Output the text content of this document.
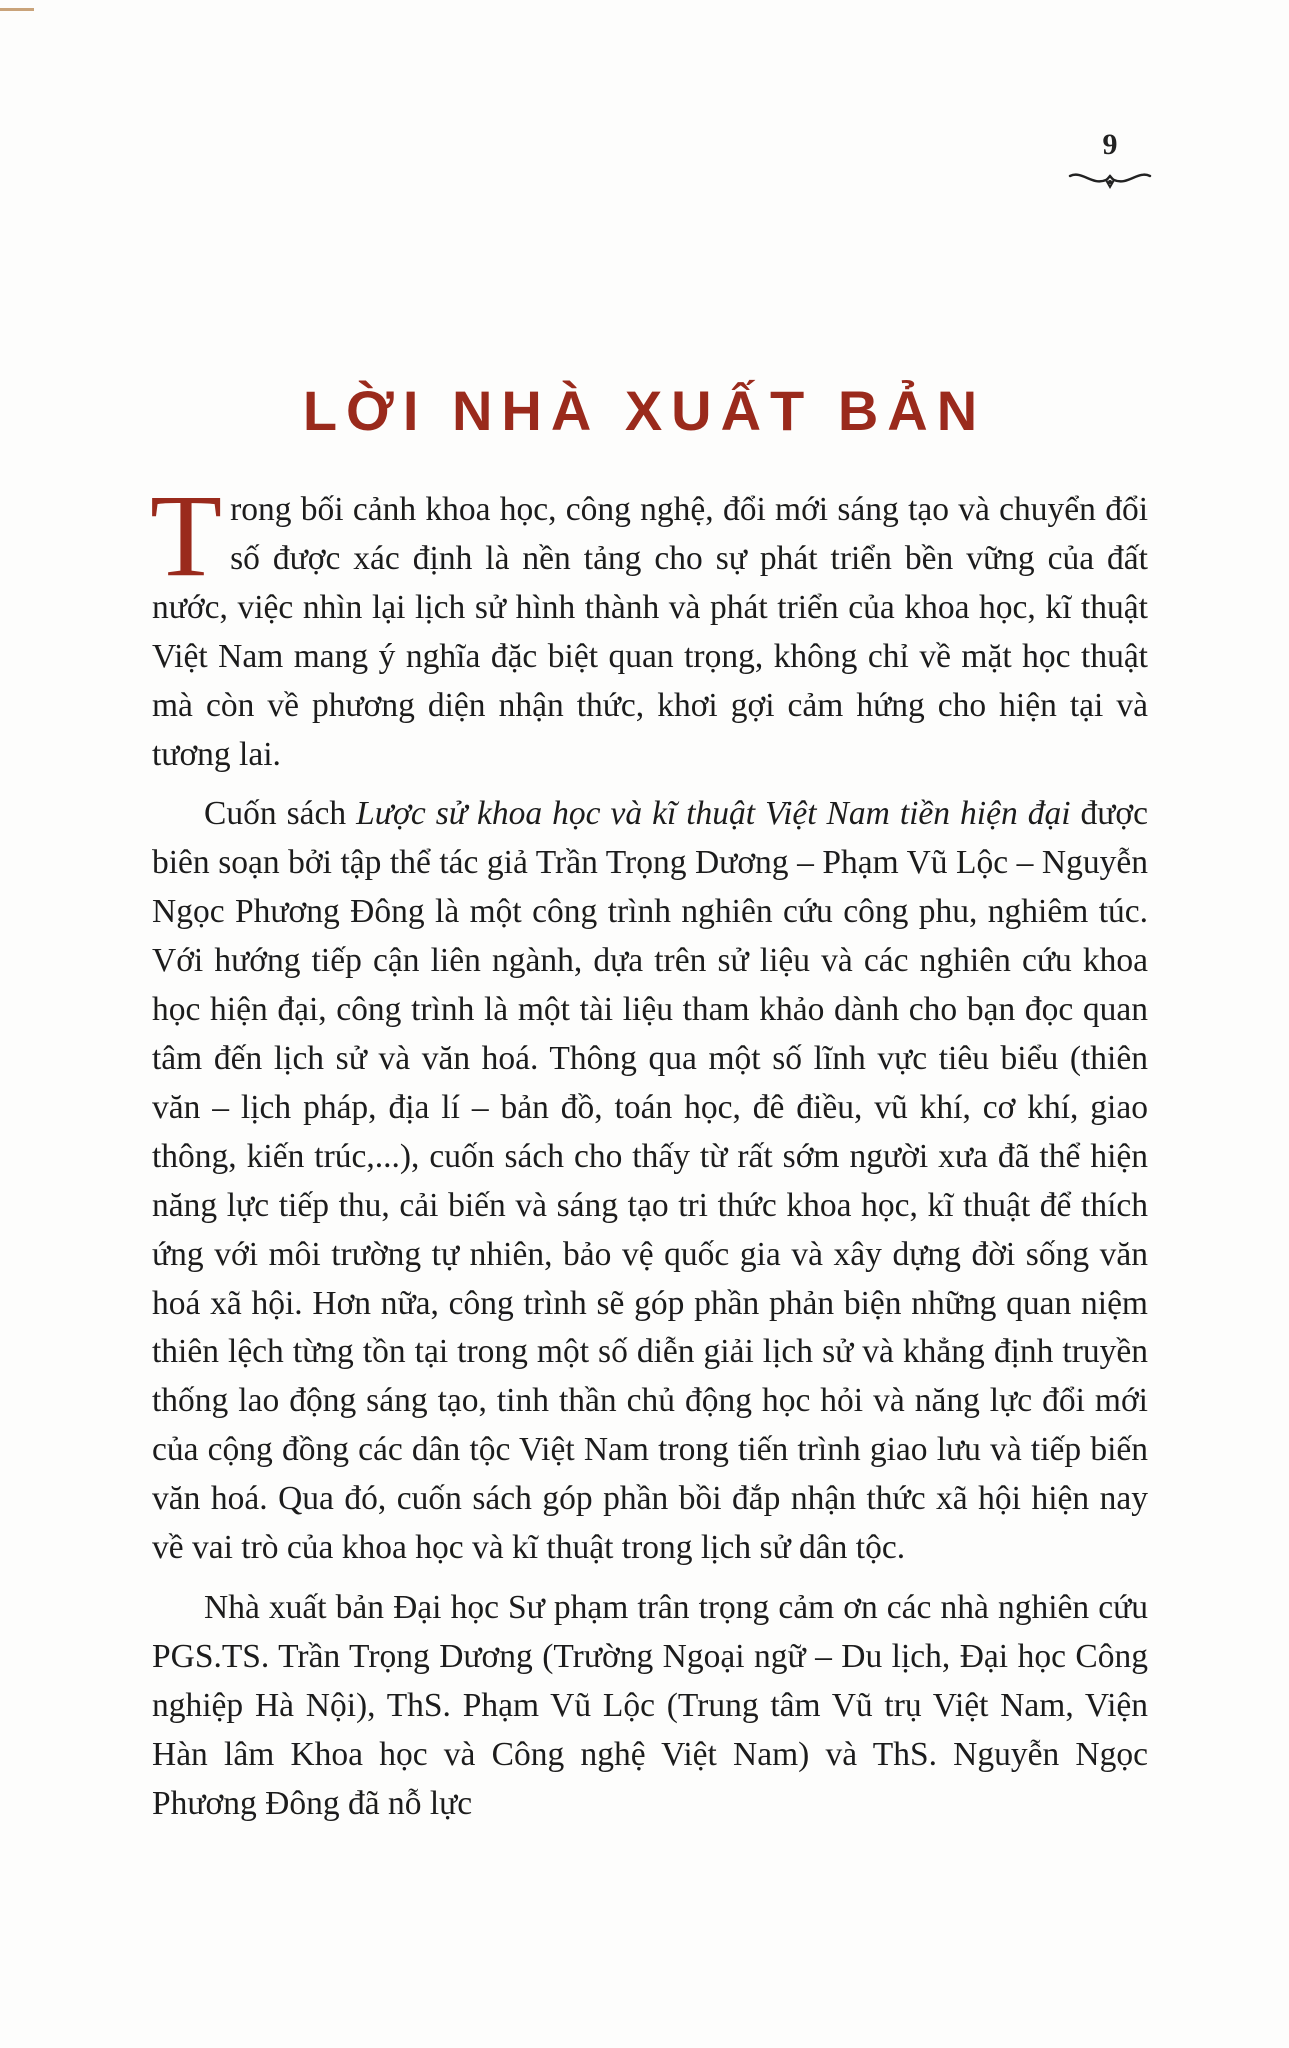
9
LỜI NHÀ XUẤT BẢN

Trong bối cảnh khoa học, công nghệ, đổi mới sáng tạo và chuyển đổi số được xác định là nền tảng cho sự phát triển bền vững của đất nước, việc nhìn lại lịch sử hình thành và phát triển của khoa học, kĩ thuật Việt Nam mang ý nghĩa đặc biệt quan trọng, không chỉ về mặt học thuật mà còn về phương diện nhận thức, khơi gợi cảm hứng cho hiện tại và tương lai.

Cuốn sách Lược sử khoa học và kĩ thuật Việt Nam tiền hiện đại được biên soạn bởi tập thể tác giả Trần Trọng Dương – Phạm Vũ Lộc – Nguyễn Ngọc Phương Đông là một công trình nghiên cứu công phu, nghiêm túc. Với hướng tiếp cận liên ngành, dựa trên sử liệu và các nghiên cứu khoa học hiện đại, công trình là một tài liệu tham khảo dành cho bạn đọc quan tâm đến lịch sử và văn hoá. Thông qua một số lĩnh vực tiêu biểu (thiên văn – lịch pháp, địa lí – bản đồ, toán học, đê điều, vũ khí, cơ khí, giao thông, kiến trúc,...), cuốn sách cho thấy từ rất sớm người xưa đã thể hiện năng lực tiếp thu, cải biến và sáng tạo tri thức khoa học, kĩ thuật để thích ứng với môi trường tự nhiên, bảo vệ quốc gia và xây dựng đời sống văn hoá xã hội. Hơn nữa, công trình sẽ góp phần phản biện những quan niệm thiên lệch từng tồn tại trong một số diễn giải lịch sử và khẳng định truyền thống lao động sáng tạo, tinh thần chủ động học hỏi và năng lực đổi mới của cộng đồng các dân tộc Việt Nam trong tiến trình giao lưu và tiếp biến văn hoá. Qua đó, cuốn sách góp phần bồi đắp nhận thức xã hội hiện nay về vai trò của khoa học và kĩ thuật trong lịch sử dân tộc.

Nhà xuất bản Đại học Sư phạm trân trọng cảm ơn các nhà nghiên cứu PGS.TS. Trần Trọng Dương (Trường Ngoại ngữ – Du lịch, Đại học Công nghiệp Hà Nội), ThS. Phạm Vũ Lộc (Trung tâm Vũ trụ Việt Nam, Viện Hàn lâm Khoa học và Công nghệ Việt Nam) và ThS. Nguyễn Ngọc Phương Đông đã nỗ lực
